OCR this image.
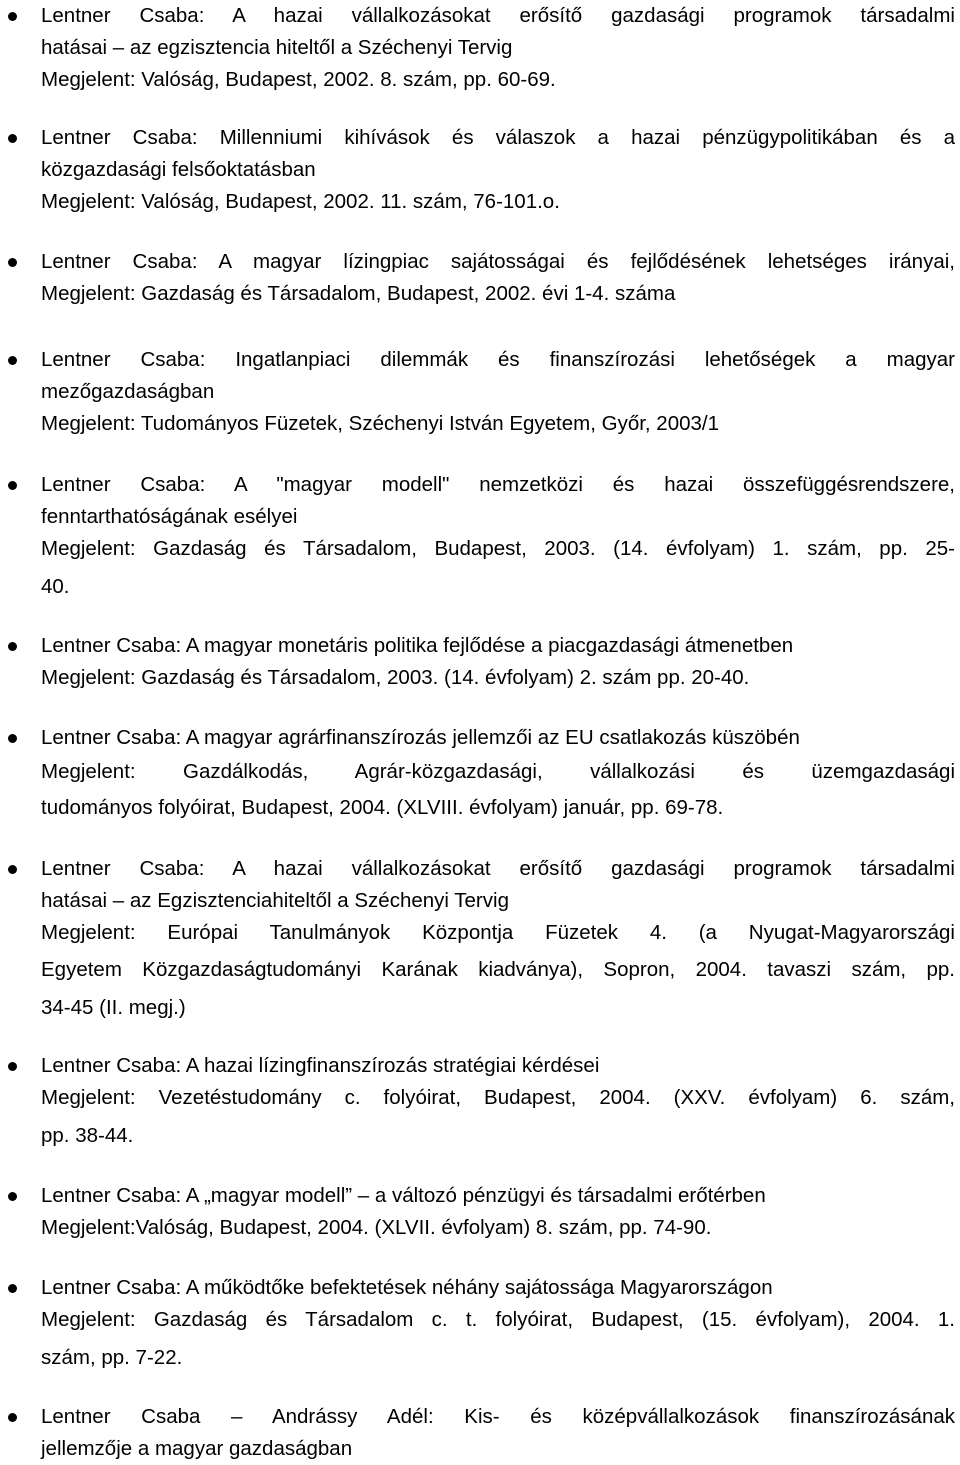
Lentner Csaba: A hazai vállalkozásokat erősítő gazdasági programok társadalmi
hatásai – az egzisztencia hiteltől a Széchenyi Tervig
Megjelent: Valóság, Budapest, 2002. 8. szám, pp. 60-69.
Lentner Csaba: Millenniumi kihívások és válaszok a hazai pénzügypolitikában és a
közgazdasági felsőoktatásban
Megjelent: Valóság, Budapest, 2002. 11. szám, 76-101.o.
Lentner Csaba: A magyar lízingpiac sajátosságai és fejlődésének lehetséges irányai,
Megjelent: Gazdaság és Társadalom, Budapest, 2002. évi 1-4. száma
Lentner Csaba: Ingatlanpiaci dilemmák és finanszírozási lehetőségek a magyar
mezőgazdaságban
Megjelent: Tudományos Füzetek, Széchenyi István Egyetem, Győr, 2003/1
Lentner Csaba: A "magyar modell" nemzetközi és hazai összefüggésrendszere,
fenntarthatóságának esélyei
Megjelent: Gazdaság és Társadalom, Budapest, 2003. (14. évfolyam) 1. szám, pp. 25-
40.
Lentner Csaba: A magyar monetáris politika fejlődése a piacgazdasági átmenetben
Megjelent: Gazdaság és Társadalom, 2003. (14. évfolyam) 2. szám pp. 20-40.
Lentner Csaba: A magyar agrárfinanszírozás jellemzői az EU csatlakozás küszöbén
Megjelent: Gazdálkodás, Agrár-közgazdasági, vállalkozási és üzemgazdasági
tudományos folyóirat, Budapest, 2004. (XLVIII. évfolyam) január, pp. 69-78.
Lentner Csaba: A hazai vállalkozásokat erősítő gazdasági programok társadalmi
hatásai – az Egzisztenciahiteltől a Széchenyi Tervig
Megjelent: Európai Tanulmányok Központja Füzetek 4. (a Nyugat-Magyarországi
Egyetem Közgazdaságtudományi Karának kiadványa), Sopron, 2004. tavaszi szám, pp.
34-45 (II. megj.)
Lentner Csaba: A hazai lízingfinanszírozás stratégiai kérdései
Megjelent: Vezetéstudomány c. folyóirat, Budapest, 2004. (XXV. évfolyam) 6. szám,
pp. 38-44.
Lentner Csaba: A „magyar modell” – a változó pénzügyi és társadalmi erőtérben
Megjelent:Valóság, Budapest, 2004. (XLVII. évfolyam) 8. szám, pp. 74-90.
Lentner Csaba: A működtőke befektetések néhány sajátossága Magyarországon
Megjelent: Gazdaság és Társadalom c. t. folyóirat, Budapest, (15. évfolyam), 2004. 1.
szám, pp. 7-22.
Lentner Csaba – Andrássy Adél: Kis- és középvállalkozások finanszírozásának
jellemzője a magyar gazdaságban
